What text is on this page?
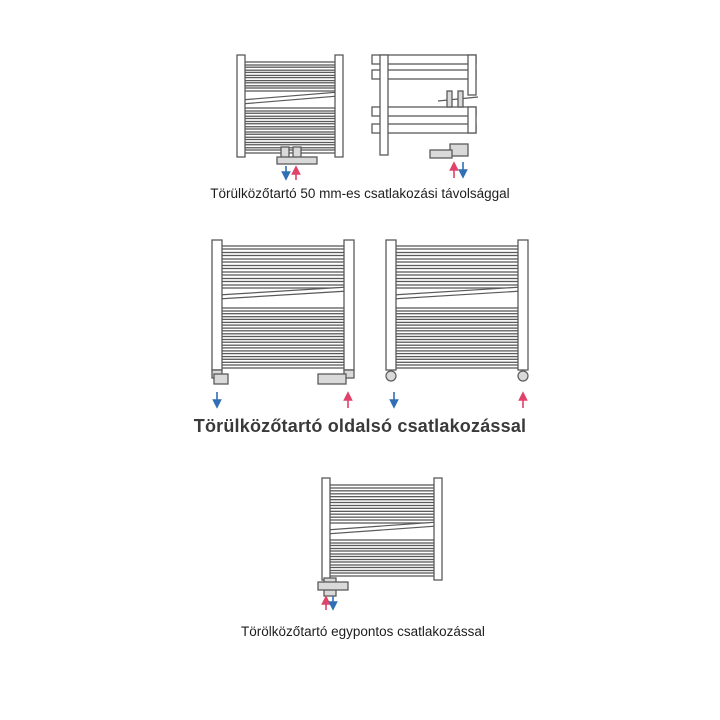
Törülközőtartó 50 mm-es csatlakozási távolsággal
Törülközőtartó oldalsó csatlakozással
Törölközőtartó egypontos csatlakozással
